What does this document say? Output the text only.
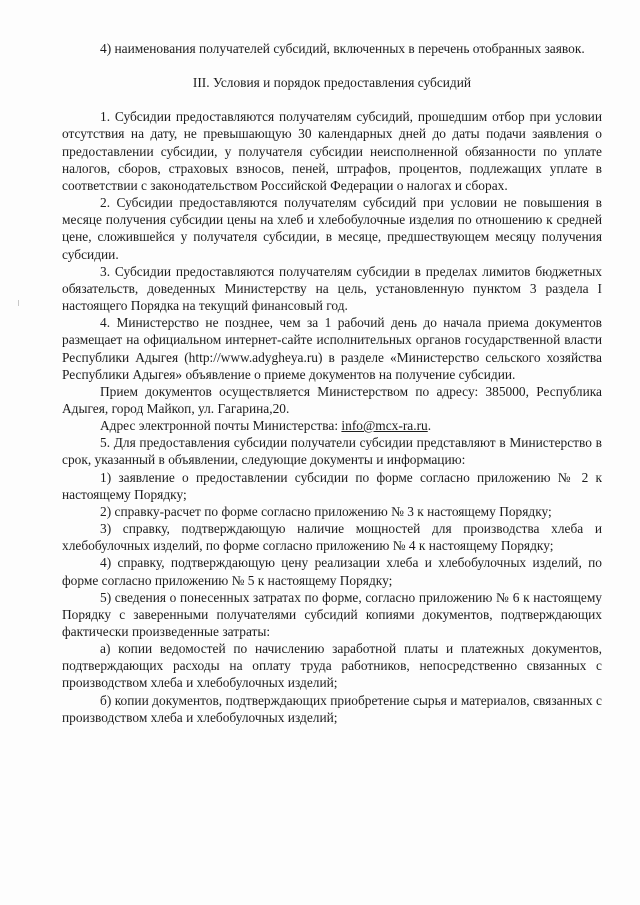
4) наименования получателей субсидий, включенных в перечень отобранных заявок.

III. Условия и порядок предоставления субсидий

1. Субсидии предоставляются получателям субсидий, прошедшим отбор при условии отсутствия на дату, не превышающую 30 календарных дней до даты подачи заявления о предоставлении субсидии, у получателя субсидии неисполненной обязанности по уплате налогов, сборов, страховых взносов, пеней, штрафов, процентов, подлежащих уплате в соответствии с законодательством Российской Федерации о налогах и сборах.

2. Субсидии предоставляются получателям субсидий при условии не повышения в месяце получения субсидии цены на хлеб и хлебобулочные изделия по отношению к средней цене, сложившейся у получателя субсидии, в месяце, предшествующем месяцу получения субсидии.

3. Субсидии предоставляются получателям субсидии в пределах лимитов бюджетных обязательств, доведенных Министерству на цель, установленную пунктом 3 раздела I настоящего Порядка на текущий финансовый год.

4. Министерство не позднее, чем за 1 рабочий день до начала приема документов размещает на официальном интернет-сайте исполнительных органов государственной власти Республики Адыгея (http://www.adygheya.ru) в разделе «Министерство сельского хозяйства Республики Адыгея» объявление о приеме документов на получение субсидии.

Прием документов осуществляется Министерством по адресу: 385000, Республика Адыгея, город Майкоп, ул. Гагарина,20.

Адрес электронной почты Министерства: info@mcx-ra.ru.

5. Для предоставления субсидии получатели субсидии представляют в Министерство в срок, указанный в объявлении, следующие документы и информацию:

1) заявление о предоставлении субсидии по форме согласно приложению № 2 к настоящему Порядку;

2) справку-расчет по форме согласно приложению № 3 к настоящему Порядку;

3) справку, подтверждающую наличие мощностей для производства хлеба и хлебобулочных изделий, по форме согласно приложению № 4 к настоящему Порядку;

4) справку, подтверждающую цену реализации хлеба и хлебобулочных изделий, по форме согласно приложению № 5 к настоящему Порядку;

5) сведения о понесенных затратах по форме, согласно приложению № 6 к настоящему Порядку с заверенными получателями субсидий копиями документов, подтверждающих фактически произведенные затраты:

а) копии ведомостей по начислению заработной платы и платежных документов, подтверждающих расходы на оплату труда работников, непосредственно связанных с производством хлеба и хлебобулочных изделий;

б) копии документов, подтверждающих приобретение сырья и материалов, связанных с производством хлеба и хлебобулочных изделий;
